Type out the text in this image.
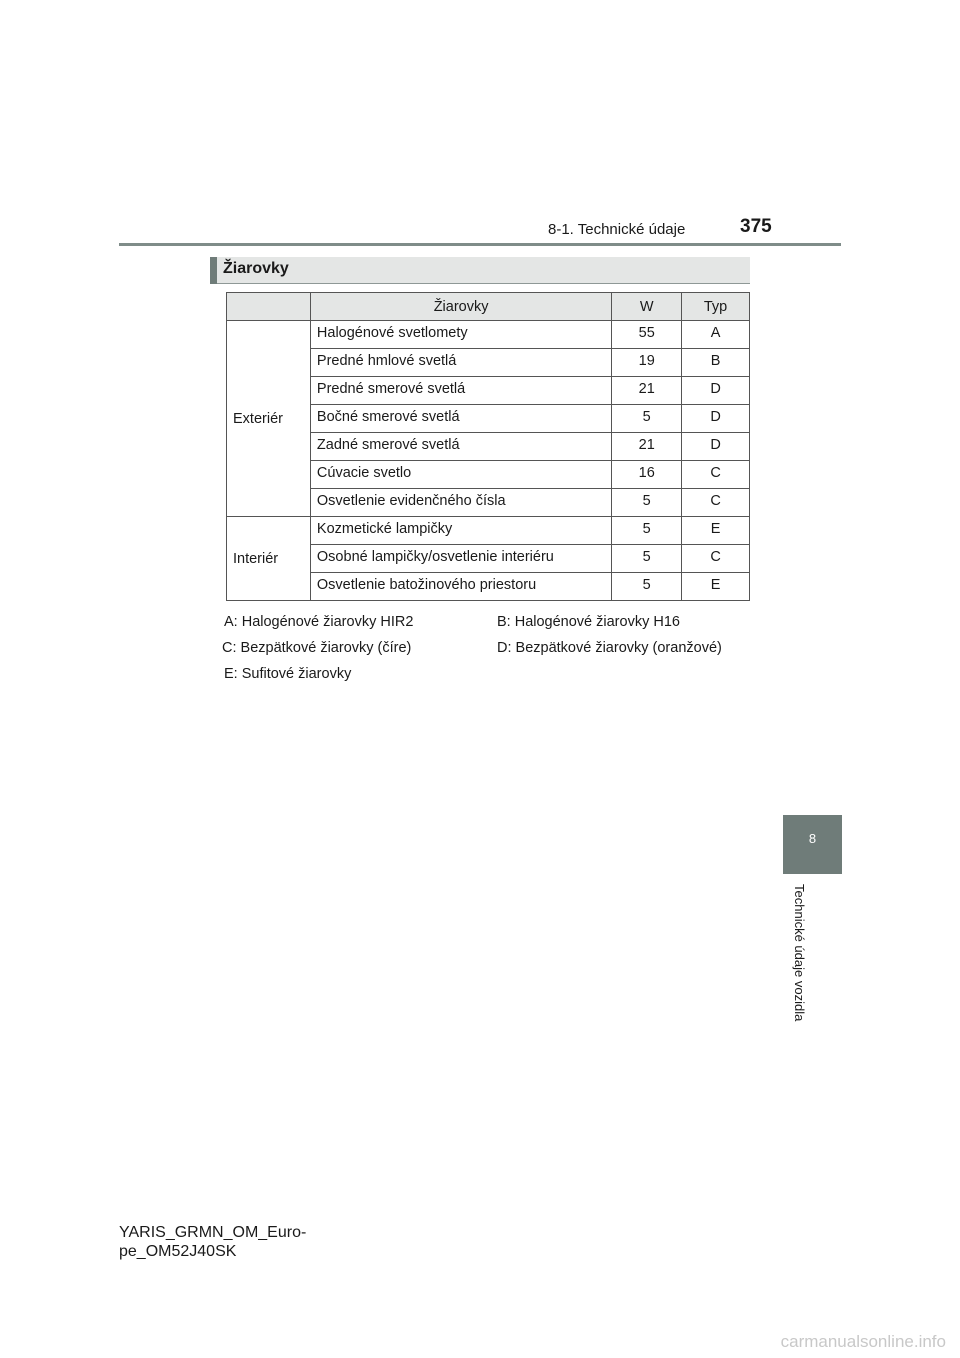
8-1. Technické údaje	375
Žiarovky
	Žiarovky	W	Typ
Exteriér	Halogénové svetlomety	55	A
	Predné hmlové svetlá	19	B
	Predné smerové svetlá	21	D
	Bočné smerové svetlá	5	D
	Zadné smerové svetlá	21	D
	Cúvacie svetlo	16	C
	Osvetlenie evidenčného čísla	5	C
Interiér	Kozmetické lampičky	5	E
	Osobné lampičky/osvetlenie interiéru	5	C
	Osvetlenie batožinového priestoru	5	E
A: Halogénové žiarovky HIR2	B: Halogénové žiarovky H16
C: Bezpätkové žiarovky (číre)	D: Bezpätkové žiarovky (oranžové)
E: Sufitové žiarovky
8
Technické údaje vozidla
YARIS_GRMN_OM_Euro-
pe_OM52J40SK
carmanualsonline.info
